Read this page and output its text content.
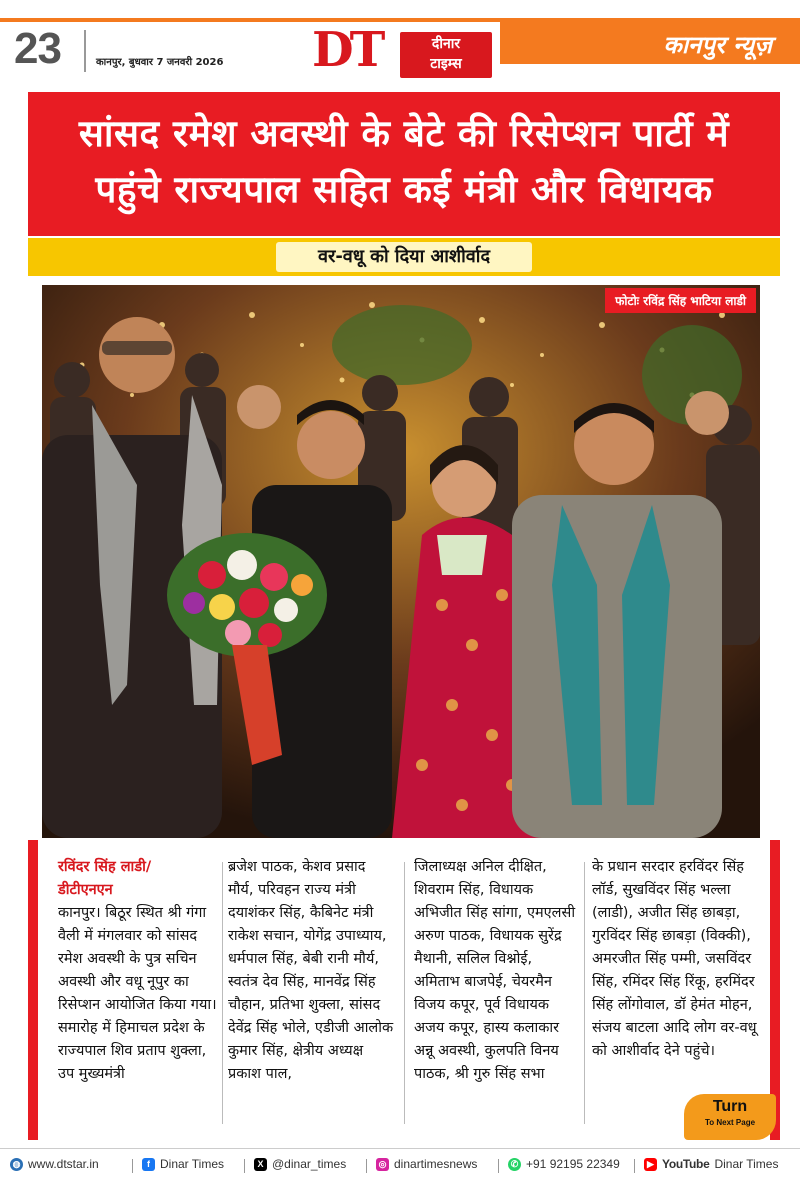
23	कानपुर, बुधवार 7 जनवरी 2026 DT	दीनार
टाइम्स
कानपुर न्यूज़
सांसद रमेश अवस्थी के बेटे की रिसेप्शन पार्टी में
पहुंचे राज्यपाल सहित कई मंत्री और विधायक
वर-वधू को दिया आशीर्वाद
फोटोः रविंद्र सिंह भाटिया लाडी
रविंदर सिंह लाडी/
डीटीएनएन
कानपुर। बिठूर स्थित श्री गंगा वैली में मंगलवार को सांसद रमेश अवस्थी के पुत्र सचिन अवस्थी और वधू नूपुर का रिसेप्शन आयोजित किया गया। समारोह में हिमाचल प्रदेश के राज्यपाल शिव प्रताप शुक्ला, उप मुख्यमंत्री
ब्रजेश पाठक, केशव प्रसाद मौर्य, परिवहन राज्य मंत्री दयाशंकर सिंह, कैबिनेट मंत्री राकेश सचान, योगेंद्र उपाध्याय, धर्मपाल सिंह, बेबी रानी मौर्य, स्वतंत्र देव सिंह, मानवेंद्र सिंह चौहान, प्रतिभा शुक्ला, सांसद देवेंद्र सिंह भोले, एडीजी आलोक कुमार सिंह, क्षेत्रीय अध्यक्ष प्रकाश पाल,
जिलाध्यक्ष अनिल दीक्षित, शिवराम सिंह, विधायक अभिजीत सिंह सांगा, एमएलसी अरुण पाठक, विधायक सुरेंद्र मैथानी, सलिल विश्नोई, अमिताभ बाजपेई, चेयरमैन विजय कपूर, पूर्व विधायक अजय कपूर, हास्य कलाकार अन्नू अवस्थी, कुलपति विनय पाठक, श्री गुरु सिंह सभा
के प्रधान सरदार हरविंदर सिंह लॉर्ड, सुखविंदर सिंह भल्ला (लाडी), अजीत सिंह छाबड़ा, गुरविंदर सिंह छाबड़ा (विक्की), अमरजीत सिंह पम्मी, जसविंदर सिंह, रमिंदर सिंह रिंकू, हरमिंदर सिंह लोंगोवाल, डॉ हेमंत मोहन, संजय बाटला आदि लोग वर-वधू को आशीर्वाद देने पहुंचे।
Turn
To Next Page
◍ www.dtstar.in	f Dinar Times	X @dinar_times	◎ dinartimesnews	✆ +91 92195 22349	▶ YouTube Dinar Times
